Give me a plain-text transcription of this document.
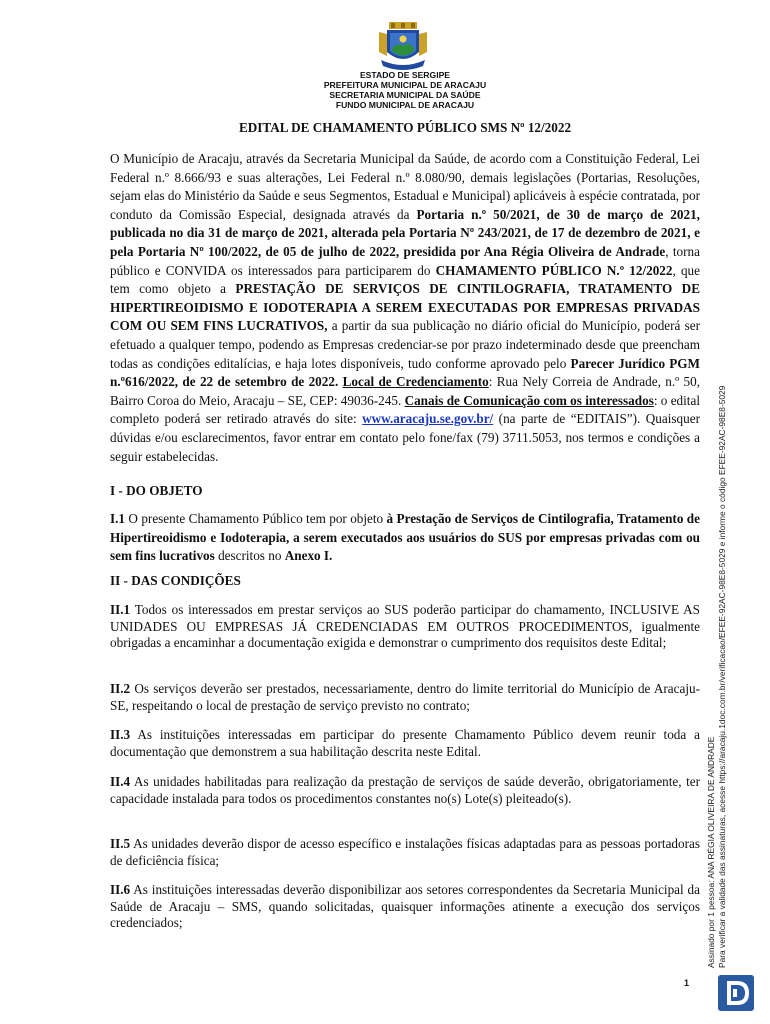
ESTADO DE SERGIPE
PREFEITURA MUNICIPAL DE ARACAJU
SECRETARIA MUNICIPAL DA SAÚDE
FUNDO MUNICIPAL DE ARACAJU
EDITAL DE CHAMAMENTO PÚBLICO SMS Nº 12/2022

O Município de Aracaju, através da Secretaria Municipal da Saúde, de acordo com a Constituição Federal, Lei Federal n.º 8.666/93 e suas alterações, Lei Federal n.º 8.080/90, demais legislações (Portarias, Resoluções, sejam elas do Ministério da Saúde e seus Segmentos, Estadual e Municipal) aplicáveis à espécie contratada, por conduto da Comissão Especial, designada através da Portaria n.º 50/2021, de 30 de março de 2021, publicada no dia 31 de março de 2021, alterada pela Portaria Nº 243/2021, de 17 de dezembro de 2021, e pela Portaria Nº 100/2022, de 05 de julho de 2022, presidida por Ana Régia Oliveira de Andrade, torna público e CONVIDA os interessados para participarem do CHAMAMENTO PÚBLICO N.º 12/2022, que tem como objeto a PRESTAÇÃO DE SERVIÇOS DE CINTILOGRAFIA, TRATAMENTO DE HIPERTIREOIDISMO E IODOTERAPIA A SEREM EXECUTADAS POR EMPRESAS PRIVADAS COM OU SEM FINS LUCRATIVOS, a partir da sua publicação no diário oficial do Município, poderá ser efetuado a qualquer tempo, podendo as Empresas credenciar-se por prazo indeterminado desde que preencham todas as condições editalícias, e haja lotes disponíveis, tudo conforme aprovado pelo Parecer Jurídico PGM n.º616/2022, de 22 de setembro de 2022. Local de Credenciamento: Rua Nely Correia de Andrade, n.º 50, Bairro Coroa do Meio, Aracaju – SE, CEP: 49036-245. Canais de Comunicação com os interessados: o edital completo poderá ser retirado através do site: www.aracaju.se.gov.br/ (na parte de “EDITAIS”). Quaisquer dúvidas e/ou esclarecimentos, favor entrar em contato pelo fone/fax (79) 3711.5053, nos termos e condições a seguir estabelecidas.

I - DO OBJETO

I.1 O presente Chamamento Público tem por objeto à Prestação de Serviços de Cintilografia, Tratamento de Hipertireoidismo e Iodoterapia, a serem executados aos usuários do SUS por empresas privadas com ou sem fins lucrativos descritos no Anexo I.

II - DAS CONDIÇÕES

II.1 Todos os interessados em prestar serviços ao SUS poderão participar do chamamento, INCLUSIVE AS UNIDADES OU EMPRESAS JÁ CREDENCIADAS EM OUTROS PROCEDIMENTOS, igualmente obrigadas a encaminhar a documentação exigida e demonstrar o cumprimento dos requisitos deste Edital;

II.2 Os serviços deverão ser prestados, necessariamente, dentro do limite territorial do Município de Aracaju-SE, respeitando o local de prestação de serviço previsto no contrato;

II.3 As instituições interessadas em participar do presente Chamamento Público devem reunir toda a documentação que demonstrem a sua habilitação descrita neste Edital.

II.4 As unidades habilitadas para realização da prestação de serviços de saúde deverão, obrigatoriamente, ter capacidade instalada para todos os procedimentos constantes no(s) Lote(s) pleiteado(s).

II.5 As unidades deverão dispor de acesso específico e instalações físicas adaptadas para as pessoas portadoras de deficiência física;

II.6 As instituições interessadas deverão disponibilizar aos setores correspondentes da Secretaria Municipal da Saúde de Aracaju – SMS, quando solicitadas, quaisquer informações atinente a execução dos serviços credenciados;	Assinado por 1 pessoa: ANA RÉGIA OLIVEIRA DE ANDRADE Para verificar a validade das assinaturas, acesse https://aracaju.1doc.com.br/verificacao/EFEE-92AC-98E8-5029 e informe o código EFEE-92AC-98E8-5029
1
